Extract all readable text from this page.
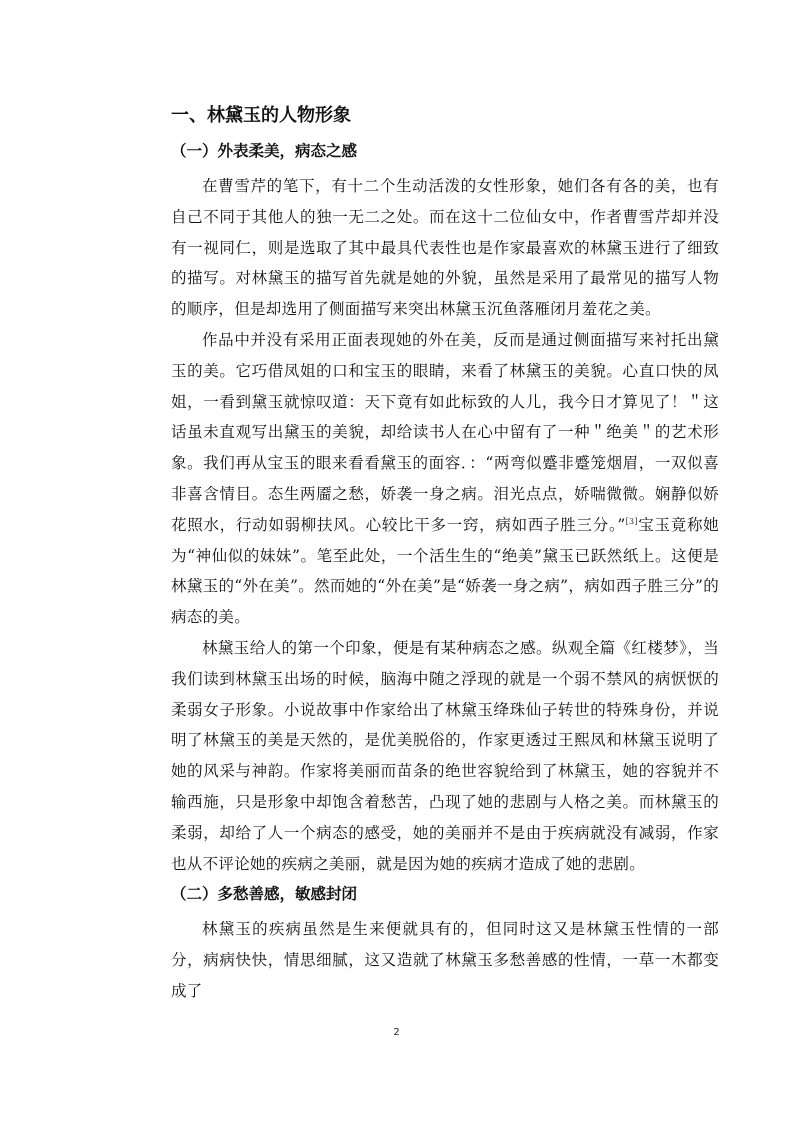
一、林黛玉的人物形象
（一）外表柔美，病态之感

在曹雪芹的笔下，有十二个生动活泼的女性形象，她们各有各的美，也有自己不同于其他人的独一无二之处。而在这十二位仙女中，作者曹雪芹却并没有一视同仁，则是选取了其中最具代表性也是作家最喜欢的林黛玉进行了细致的描写。对林黛玉的描写首先就是她的外貌，虽然是采用了最常见的描写人物的顺序，但是却选用了侧面描写来突出林黛玉沉鱼落雁闭月羞花之美。

作品中并没有采用正面表现她的外在美，反而是通过侧面描写来衬托出黛玉的美。它巧借凤姐的口和宝玉的眼睛，来看了林黛玉的美貌。心直口快的凤姐，一看到黛玉就惊叹道：天下竟有如此标致的人儿，我今日才算见了！＂这话虽未直观写出黛玉的美貌，却给读书人在心中留有了一种＂绝美＂的艺术形象。我们再从宝玉的眼来看看黛玉的面容．：“两弯似蹙非蹙笼烟眉，一双似喜非喜含情目。态生两靥之愁，娇袭一身之病。泪光点点，娇喘微微。娴静似娇花照水，行动如弱柳扶风。心较比干多一窍，病如西子胜三分。”[3]宝玉竟称她为“神仙似的妹妹”。笔至此处，一个活生生的“绝美”黛玉已跃然纸上。这便是林黛玉的“外在美”。然而她的“外在美”是“娇袭一身之病”，病如西子胜三分”的病态的美。

林黛玉给人的第一个印象，便是有某种病态之感。纵观全篇《红楼梦》，当我们读到林黛玉出场的时候，脑海中随之浮现的就是一个弱不禁风的病恹恹的柔弱女子形象。小说故事中作家给出了林黛玉绛珠仙子转世的特殊身份，并说明了林黛玉的美是天然的，是优美脱俗的，作家更透过王熙凤和林黛玉说明了她的风采与神韵。作家将美丽而苗条的绝世容貌给到了林黛玉，她的容貌并不输西施，只是形象中却饱含着愁苦，凸现了她的悲剧与人格之美。而林黛玉的柔弱，却给了人一个病态的感受，她的美丽并不是由于疾病就没有减弱，作家也从不评论她的疾病之美丽，就是因为她的疾病才造成了她的悲剧。

（二）多愁善感，敏感封闭

林黛玉的疾病虽然是生来便就具有的，但同时这又是林黛玉性情的一部分，病病快快，情思细腻，这又造就了林黛玉多愁善感的性情，一草一木都变成了

2
